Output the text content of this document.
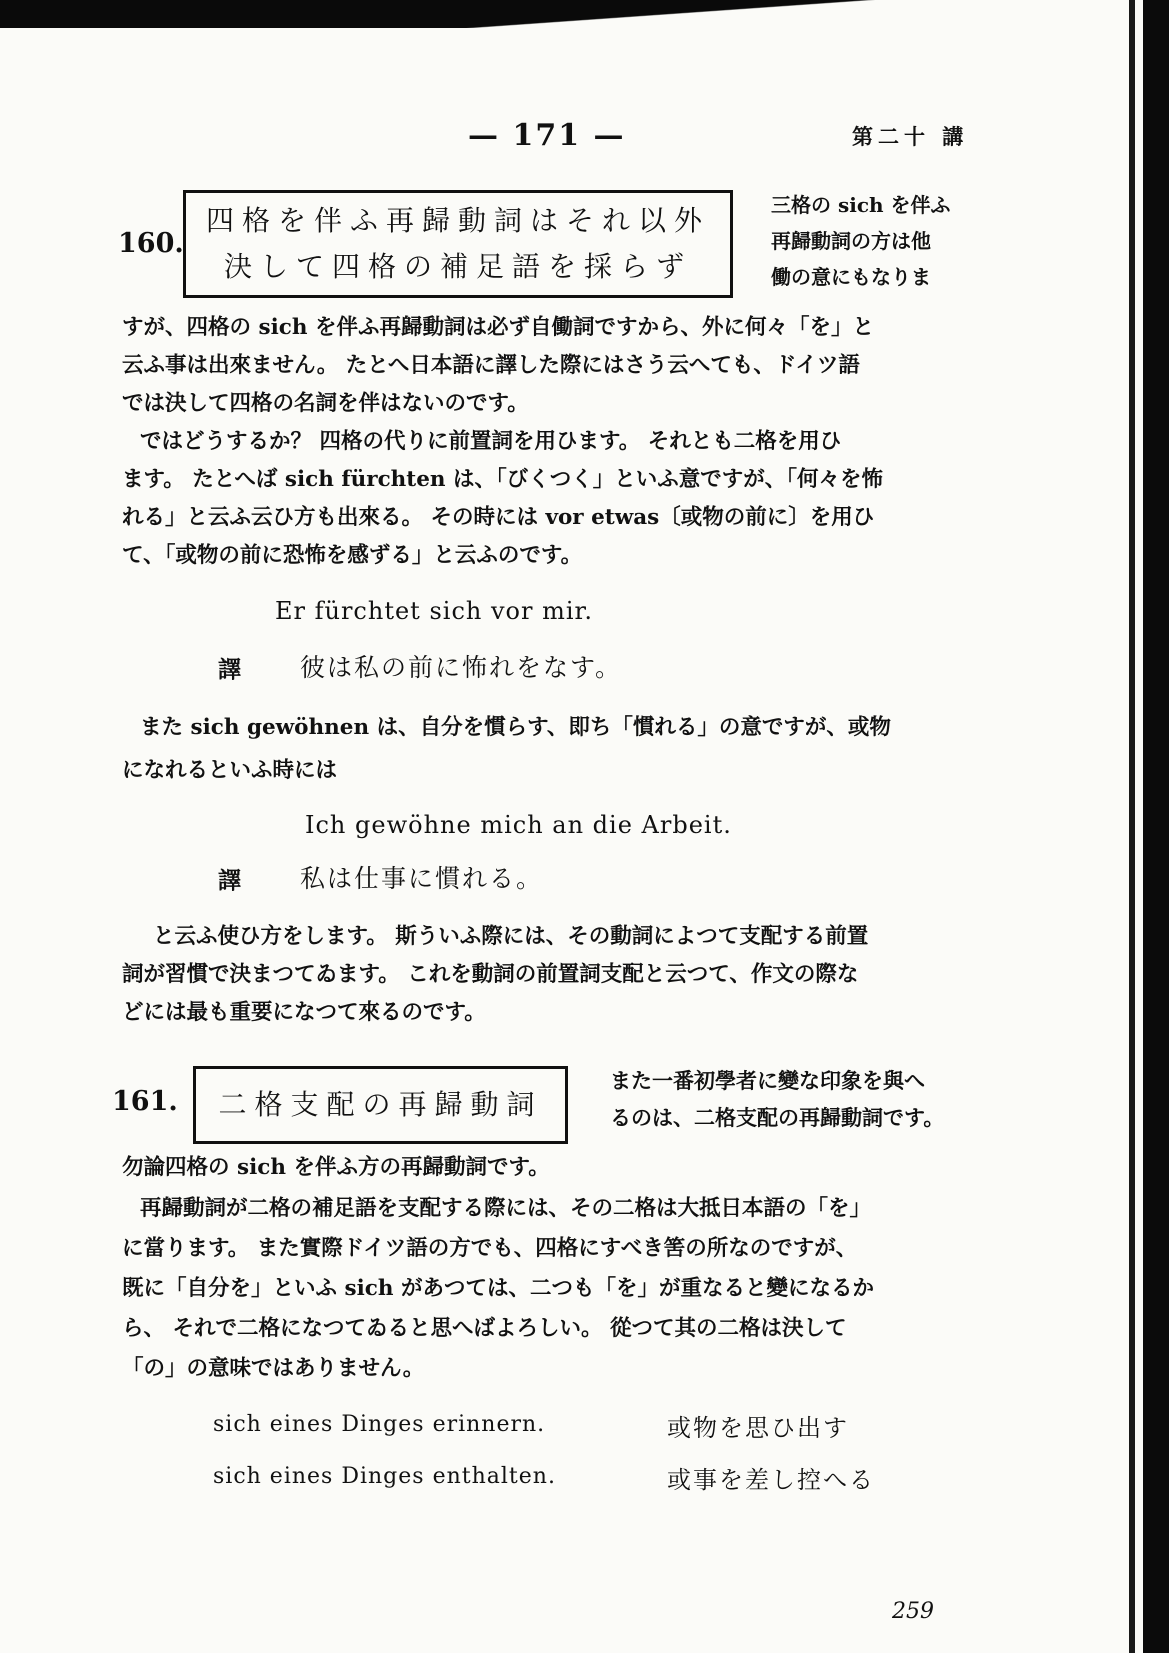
— 171 —	第二十 講
160.
四格を伴ふ再歸動詞はそれ以外
決して四格の補足語を採らず
三格の sich を伴ふ
再歸動詞の方は他
働の意にもなりま
すが、四格の sich を伴ふ再歸動詞は必ず自働詞ですから、外に何々「を」と
云ふ事は出來ません。 たとへ日本語に譯した際にはさう云へても、ドイツ語
では決して四格の名詞を伴はないのです。
ではどうするか？ 四格の代りに前置詞を用ひます。 それとも二格を用ひ
ます。 たとへば sich fürchten は、「びくつく」といふ意ですが、「何々を怖
れる」と云ふ云ひ方も出來る。 その時には vor etwas〔或物の前に〕を用ひ
て、「或物の前に恐怖を感ずる」と云ふのです。
Er fürchtet sich vor mir.
譯 彼は私の前に怖れをなす。
また sich gewöhnen は、自分を慣らす、即ち「慣れる」の意ですが、或物
になれるといふ時には
Ich gewöhne mich an die Arbeit.
譯 私は仕事に慣れる。
と云ふ使ひ方をします。 斯ういふ際には、その動詞によつて支配する前置
詞が習慣で決まつてゐます。 これを動詞の前置詞支配と云つて、作文の際な
どには最も重要になつて來るのです。
161. 二格支配の再歸動詞
また一番初學者に變な印象を與へ
るのは、二格支配の再歸動詞です。
勿論四格の sich を伴ふ方の再歸動詞です。
再歸動詞が二格の補足語を支配する際には、その二格は大抵日本語の「を」
に當ります。 また實際ドイツ語の方でも、四格にすべき筈の所なのですが、
既に「自分を」といふ sich があつては、二つも「を」が重なると變になるか
ら、 それで二格になつてゐると思へばよろしい。 從つて其の二格は決して
「の」の意味ではありません。
sich eines Dinges erinnern.	或物を思ひ出す
sich eines Dinges enthalten.	或事を差し控へる
259
